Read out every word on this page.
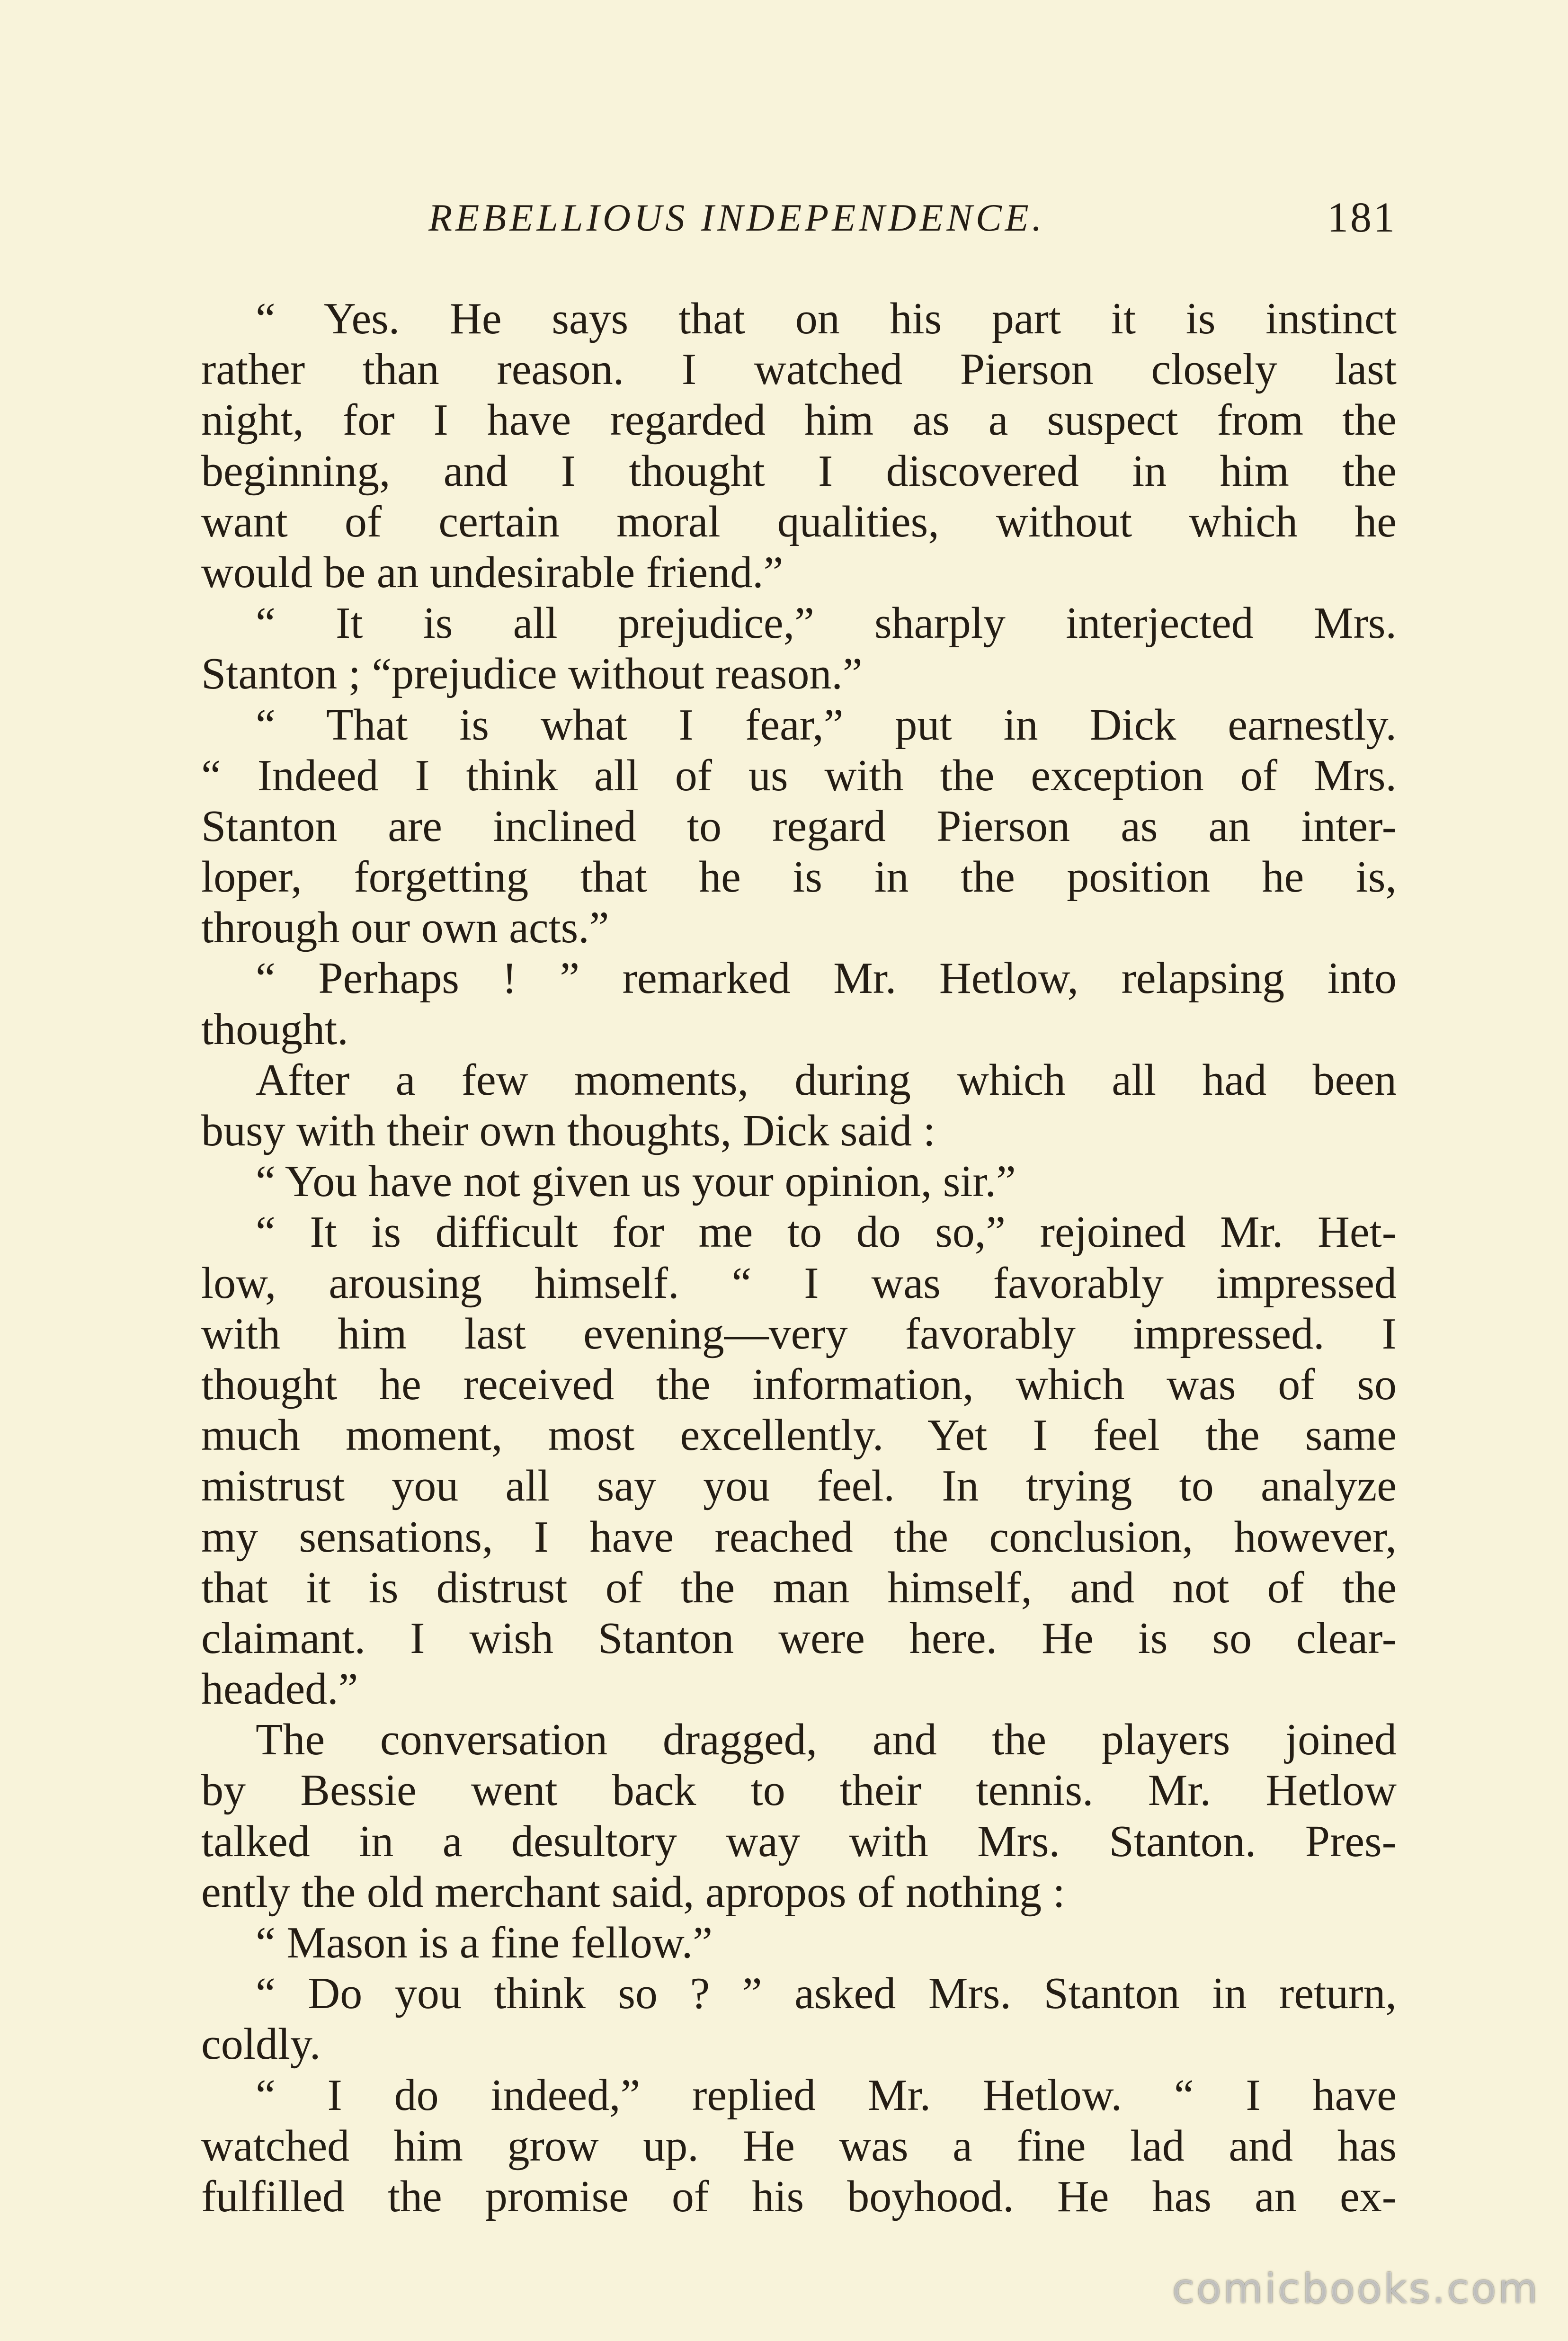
REBELLIOUS INDEPENDENCE.	181
“ Yes. He says that on his part it is instinct
rather than reason. I watched Pierson closely last
night, for I have regarded him as a suspect from the
beginning, and I thought I discovered in him the
want of certain moral qualities, without which he
would be an undesirable friend.”
“ It is all prejudice,” sharply interjected Mrs.
Stanton ; “prejudice without reason.”
“ That is what I fear,” put in Dick earnestly.
“ Indeed I think all of us with the exception of Mrs.
Stanton are inclined to regard Pierson as an inter-
loper, forgetting that he is in the position he is,
through our own acts.”
“ Perhaps ! ” remarked Mr. Hetlow, relapsing into
thought.
After a few moments, during which all had been
busy with their own thoughts, Dick said :
“ You have not given us your opinion, sir.”
“ It is difficult for me to do so,” rejoined Mr. Het-
low, arousing himself. “ I was favorably impressed
with him last evening—very favorably impressed. I
thought he received the information, which was of so
much moment, most excellently. Yet I feel the same
mistrust you all say you feel. In trying to analyze
my sensations, I have reached the conclusion, however,
that it is distrust of the man himself, and not of the
claimant. I wish Stanton were here. He is so clear-
headed.”
The conversation dragged, and the players joined
by Bessie went back to their tennis. Mr. Hetlow
talked in a desultory way with Mrs. Stanton. Pres-
ently the old merchant said, apropos of nothing :
“ Mason is a fine fellow.”
“ Do you think so ? ” asked Mrs. Stanton in return,
coldly.
“ I do indeed,” replied Mr. Hetlow. “ I have
watched him grow up. He was a fine lad and has
fulfilled the promise of his boyhood. He has an ex-
comicbooks.com
